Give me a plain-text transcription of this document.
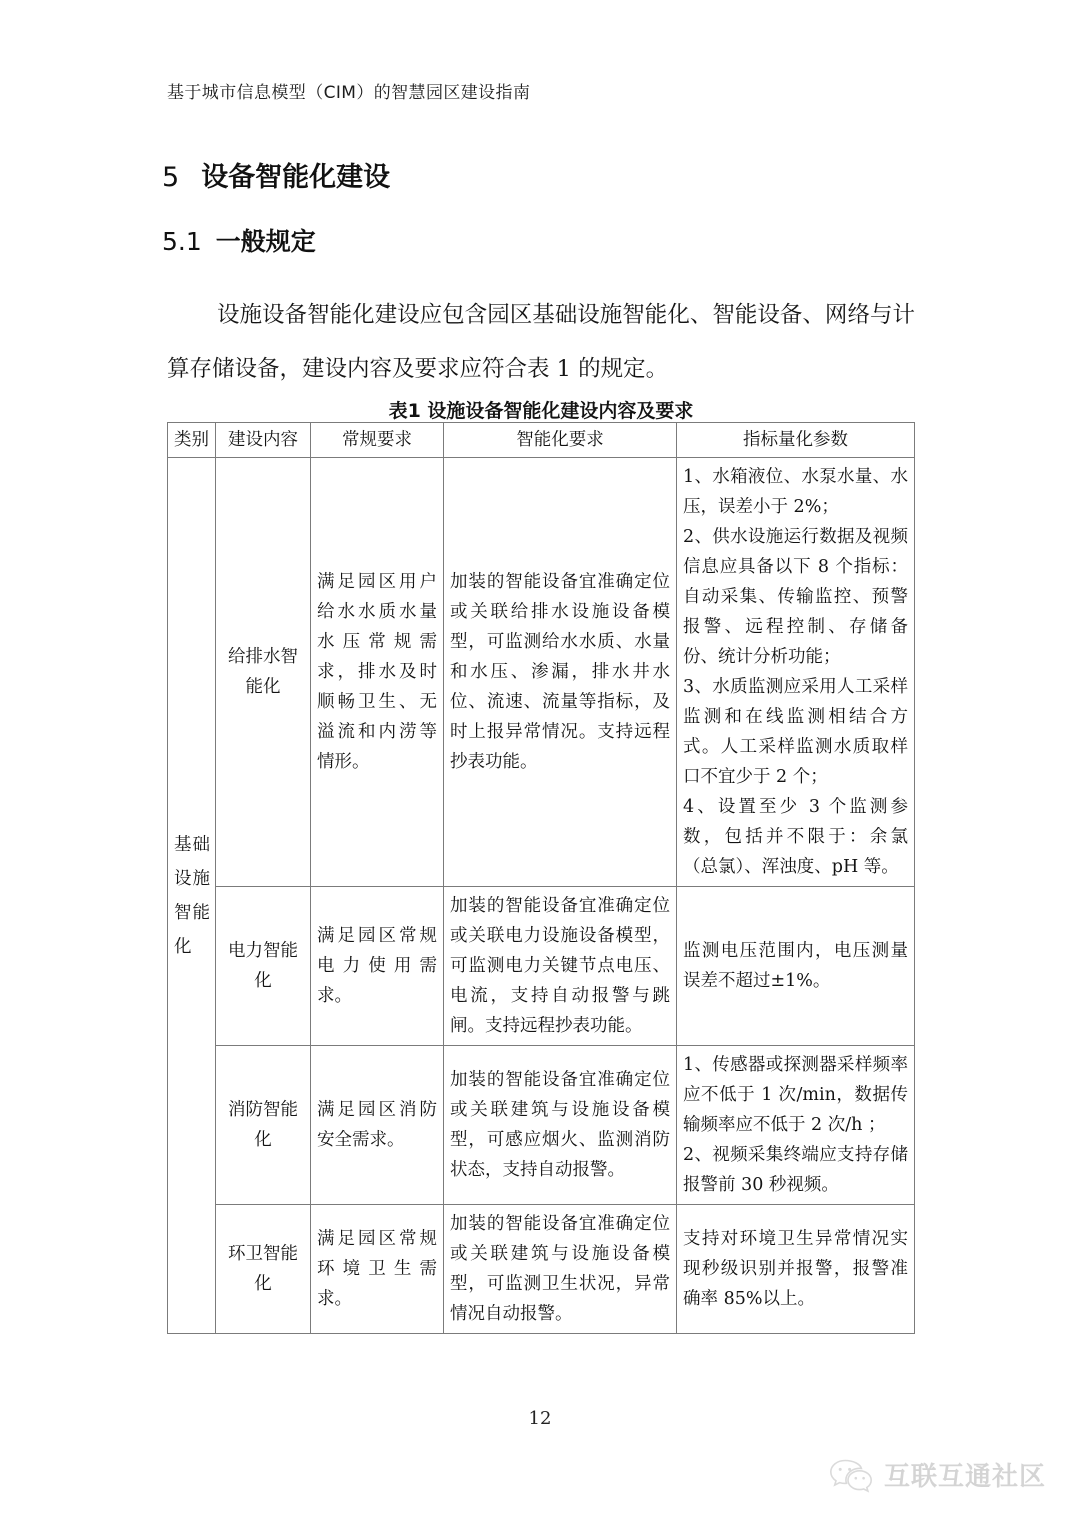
基于城市信息模型（CIM）的智慧园区建设指南
5 设备智能化建设
5.1 一般规定
设施设备智能化建设应包含园区基础设施智能化、智能设备、网络与计算存储设备，建设内容及要求应符合表 1 的规定。
表1 设施设备智能化建设内容及要求
类别	建设内容	常规要求	智能化要求	指标量化参数

基础设施智能化	给排水智能化	满足园区用户给水水质水量水压常规需求，排水及时顺畅卫生、无溢流和内涝等情形。	加装的智能设备宜准确定位或关联给排水设施设备模型，可监测给水水质、水量和水压、渗漏，排水井水位、流速、流量等指标，及时上报异常情况。支持远程抄表功能。	1、水箱液位、水泵水量、水压，误差小于 2%；

2、供水设施运行数据及视频信息应具备以下 8 个指标：自动采集、传输监控、预警报警、远程控制、存储备份、统计分析功能；

3、水质监测应采用人工采样监测和在线监测相结合方式。人工采样监测水质取样口不宜少于 2 个；

4、设置至少 3 个监测参数，包括并不限于：余氯（总氯）、浑浊度、pH 等。

	电力智能化	满足园区常规电力使用需求。	加装的智能设备宜准确定位或关联电力设施设备模型，可监测电力关键节点电压、电流，支持自动报警与跳闸。支持远程抄表功能。	监测电压范围内，电压测量误差不超过±1%。

	消防智能化	满足园区消防安全需求。	加装的智能设备宜准确定位或关联建筑与设施设备模型，可感应烟火、监测消防状态，支持自动报警。	1、传感器或探测器采样频率应不低于 1 次/min，数据传输频率应不低于 2 次/h ；

2、视频采集终端应支持存储报警前 30 秒视频。

	环卫智能化	满足园区常规环境卫生需求。	加装的智能设备宜准确定位或关联建筑与设施设备模型，可监测卫生状况，异常情况自动报警。	支持对环境卫生异常情况实现秒级识别并报警，报警准确率 85%以上。

12
互联互通社区
